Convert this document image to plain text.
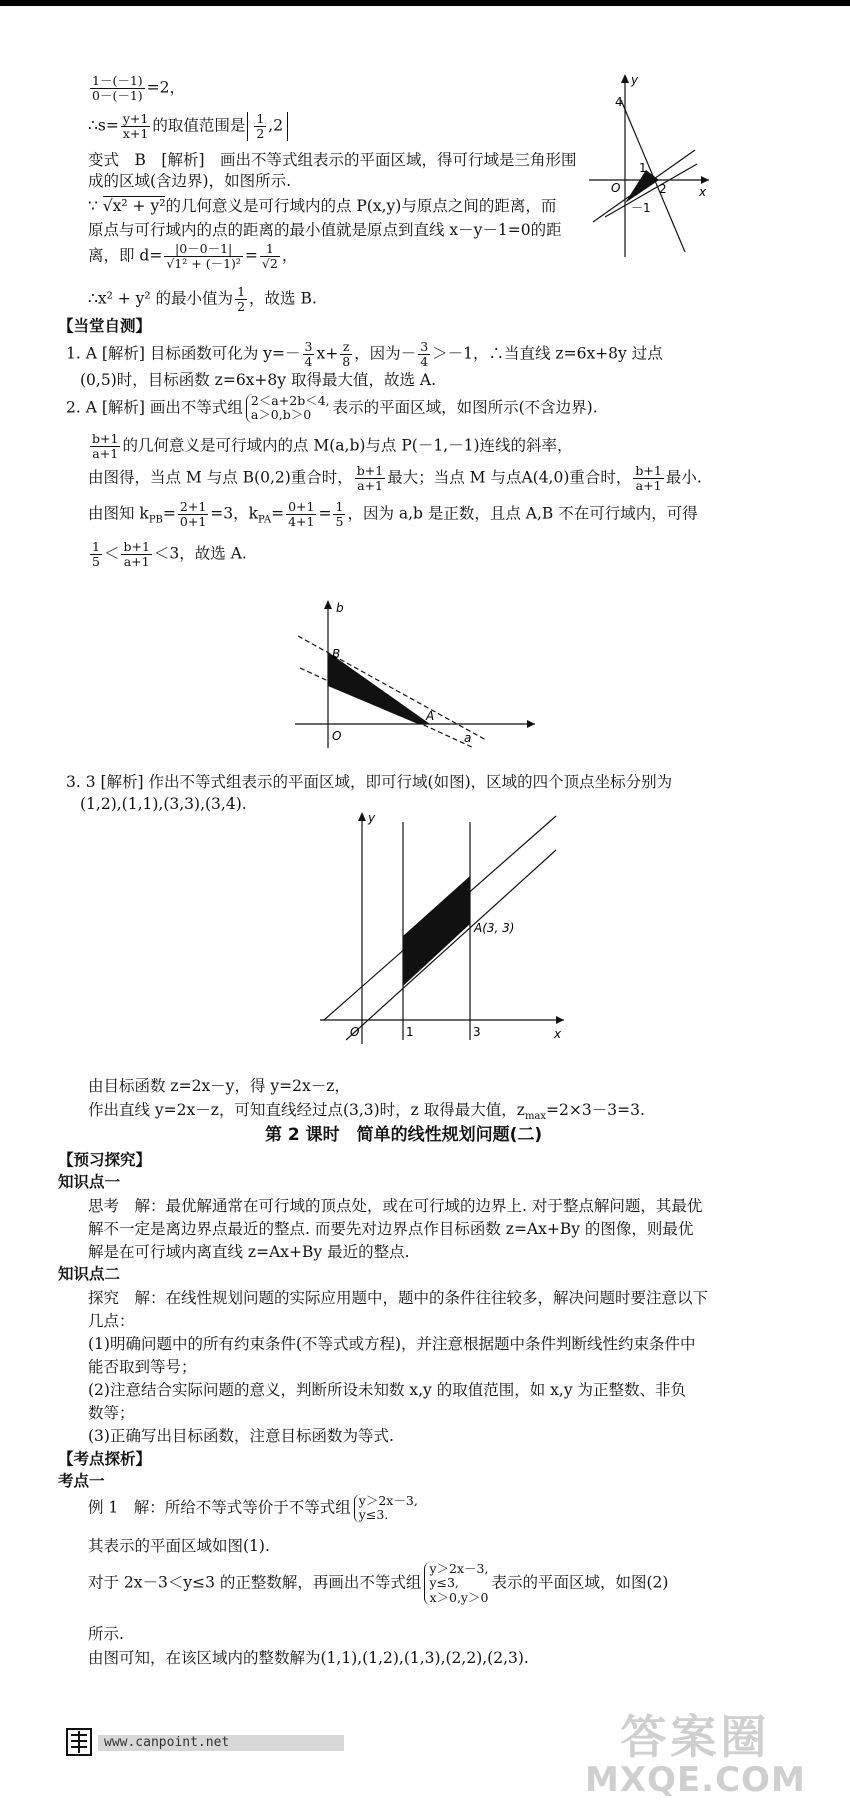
y
x
O
4
1
2
－1
$\frac{1-(-1)}{0-(-1)} =2$，
∴s= $\frac{y+1}{x+1}$ 的取值范围是 $\frac{1}{2} ,2$
变式　B　[解析]　画出不等式组表示的平面区域，得可行域是三角形围
成的区域(含边界)，如图所示.
∵ √x² + y²的几何意义是可行域内的点 P(x,y)与原点之间的距离，而
原点与可行域内的点的距离的最小值就是原点到直线 x－y－1=0的距
离，即 $d= \frac{|0-0-1|}{\text{√1² + (－1)²}} = \frac{1}{√2}$ ，
∴x² + y² 的最小值为 $\frac{1}{2}$ ，故选 B.
【当堂自测】
1. A [解析] 目标函数可化为 $y=- \frac{3}{4} x+ \frac{z}{8}$ ，因为－ $\frac{3}{4} >-1$，∴当直线 z=6x+8y 过点
(0,5)时，目标函数 z=6x+8y 取得最大值，故选 A.
2. A [解析] 画出不等式组 2＜a+2b＜4,
a＞0,b＞0	表示的平面区域，如图所示(不含边界).
$\frac{b+1}{a+1}$ 的几何意义是可行域内的点 M(a,b)与点 P(－1,－1)连线的斜率，
由图得，当点 M 与点 B(0,2)重合时， $\frac{b+1}{a+1}$ 最大；当点 M 与点A(4,0)重合时， $\frac{b+1}{a+1}$ 最小.
由图知 $k_{PB}= \frac{2+1}{0+1} =3$，$k_{PA}= \frac{0+1}{4+1} = \frac{1}{5}$ ，因为 a,b 是正数，且点 A,B 不在可行域内，可得
$\frac{1}{5} < \frac{b+1}{a+1} <3$，故选 A.
b
a
O
B
A
3. 3 [解析] 作出不等式组表示的平面区域，即可行域(如图)，区域的四个顶点坐标分别为
(1,2),(1,1),(3,3),(3,4).
y
x
O	1	3
A(3, 3)
由目标函数 z=2x－y，得 y=2x－z，
作出直线 y=2x－z，可知直线经过点(3,3)时，z 取得最大值，$z_{max}=2\times 3-3=3$.
第 2 课时　简单的线性规划问题(二)
【预习探究】
知识点一
思考　解：最优解通常在可行域的顶点处，或在可行域的边界上. 对于整点解问题，其最优
解不一定是离边界点最近的整点. 而要先对边界点作目标函数 z=Ax+By 的图像，则最优
解是在可行域内离直线 z=Ax+By 最近的整点.
知识点二
探究　解：在线性规划问题的实际应用题中，题中的条件往往较多，解决问题时要注意以下
几点：
(1)明确问题中的所有约束条件(不等式或方程)，并注意根据题中条件判断线性约束条件中
能否取到等号；
(2)注意结合实际问题的意义，判断所设未知数 x,y 的取值范围，如 x,y 为正整数、非负
数等；
(3)正确写出目标函数，注意目标函数为等式.
【考点探析】
考点一
例 1　解：所给不等式等价于不等式组 y＞2x－3,
y≤3.
其表示的平面区域如图(1).
对于 2x－3＜y≤3 的正整数解，再画出不等式组
y＞2x－3,
y≤3,
x＞0,y＞0
表示的平面区域，如图(2)
所示.
由图可知，在该区域内的整数解为(1,1),(1,2),(1,3),(2,2),(2,3).
www.canpoint.net	答案圈
MXQE.COM
